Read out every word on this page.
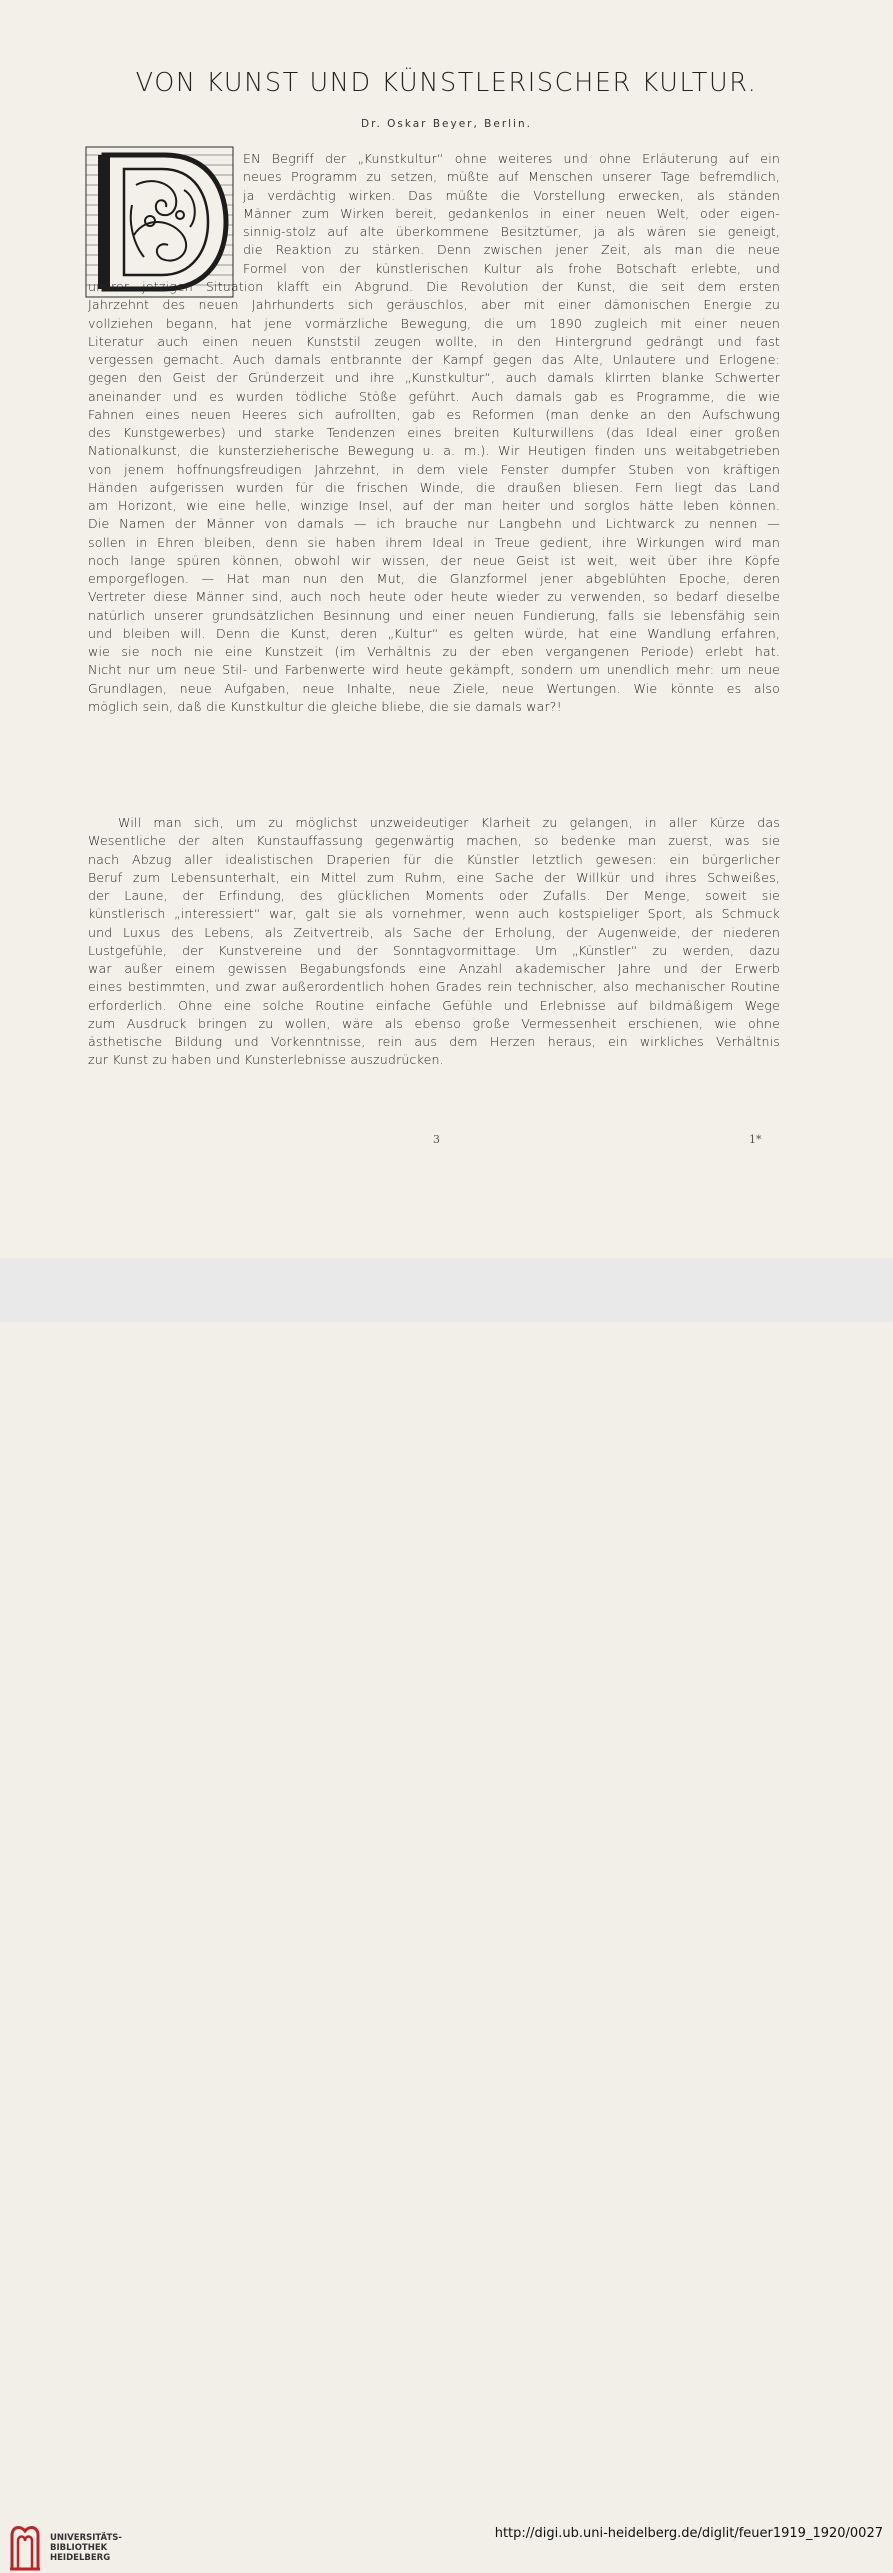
VON KUNST UND KÜNSTLERISCHER KULTUR.
Dr. Oskar Beyer, Berlin.
EN Begriff der „Kunstkultur“ ohne weiteres und ohne Erläuterung auf ein
neues Programm zu setzen, müßte auf Menschen unserer Tage befremdlich,
ja verdächtig wirken. Das müßte die Vorstellung erwecken, als ständen
Männer zum Wirken bereit, gedankenlos in einer neuen Welt, oder eigen-
sinnig-stolz auf alte überkommene Besitztümer, ja als wären sie geneigt,
die Reaktion zu stärken. Denn zwischen jener Zeit, als man die neue
Formel von der künstlerischen Kultur als frohe Botschaft erlebte, und
unsrer jetzigen Situation klafft ein Abgrund. Die Revolution der Kunst, die seit dem ersten
Jahrzehnt des neuen Jahrhunderts sich geräuschlos, aber mit einer dämonischen Energie zu
vollziehen begann, hat jene vormärzliche Bewegung, die um 1890 zugleich mit einer neuen
Literatur auch einen neuen Kunststil zeugen wollte, in den Hintergrund gedrängt und fast
vergessen gemacht. Auch damals entbrannte der Kampf gegen das Alte, Unlautere und Erlogene:
gegen den Geist der Gründerzeit und ihre „Kunstkultur“, auch damals klirrten blanke Schwerter
aneinander und es wurden tödliche Stöße geführt. Auch damals gab es Programme, die wie
Fahnen eines neuen Heeres sich aufrollten, gab es Reformen (man denke an den Aufschwung
des Kunstgewerbes) und starke Tendenzen eines breiten Kulturwillens (das Ideal einer großen
Nationalkunst, die kunsterzieherische Bewegung u. a. m.). Wir Heutigen finden uns weitabgetrieben
von jenem hoffnungsfreudigen Jahrzehnt, in dem viele Fenster dumpfer Stuben von kräftigen
Händen aufgerissen wurden für die frischen Winde, die draußen bliesen. Fern liegt das Land
am Horizont, wie eine helle, winzige Insel, auf der man heiter und sorglos hätte leben können.
Die Namen der Männer von damals — ich brauche nur Langbehn und Lichtwarck zu nennen —
sollen in Ehren bleiben, denn sie haben ihrem Ideal in Treue gedient, ihre Wirkungen wird man
noch lange spüren können, obwohl wir wissen, der neue Geist ist weit, weit über ihre Köpfe
emporgeflogen. — Hat man nun den Mut, die Glanzformel jener abgeblühten Epoche, deren
Vertreter diese Männer sind, auch noch heute oder heute wieder zu verwenden, so bedarf dieselbe
natürlich unserer grundsätzlichen Besinnung und einer neuen Fundierung, falls sie lebensfähig sein
und bleiben will. Denn die Kunst, deren „Kultur“ es gelten würde, hat eine Wandlung erfahren,
wie sie noch nie eine Kunstzeit (im Verhältnis zu der eben vergangenen Periode) erlebt hat.
Nicht nur um neue Stil- und Farbenwerte wird heute gekämpft, sondern um unendlich mehr: um neue
Grundlagen, neue Aufgaben, neue Inhalte, neue Ziele, neue Wertungen. Wie könnte es also
möglich sein, daß die Kunstkultur die gleiche bliebe, die sie damals war?!
Will man sich, um zu möglichst unzweideutiger Klarheit zu gelangen, in aller Kürze das
Wesentliche der alten Kunstauffassung gegenwärtig machen, so bedenke man zuerst, was sie
nach Abzug aller idealistischen Draperien für die Künstler letztlich gewesen: ein bürgerlicher
Beruf zum Lebensunterhalt, ein Mittel zum Ruhm, eine Sache der Willkür und ihres Schweißes,
der Laune, der Erfindung, des glücklichen Moments oder Zufalls. Der Menge, soweit sie
künstlerisch „interessiert“ war, galt sie als vornehmer, wenn auch kostspieliger Sport, als Schmuck
und Luxus des Lebens, als Zeitvertreib, als Sache der Erholung, der Augenweide, der niederen
Lustgefühle, der Kunstvereine und der Sonntagvormittage. Um „Künstler“ zu werden, dazu
war außer einem gewissen Begabungsfonds eine Anzahl akademischer Jahre und der Erwerb
eines bestimmten, und zwar außerordentlich hohen Grades rein technischer, also mechanischer Routine
erforderlich. Ohne eine solche Routine einfache Gefühle und Erlebnisse auf bildmäßigem Wege
zum Ausdruck bringen zu wollen, wäre als ebenso große Vermessenheit erschienen, wie ohne
ästhetische Bildung und Vorkenntnisse, rein aus dem Herzen heraus, ein wirkliches Verhältnis
zur Kunst zu haben und Kunsterlebnisse auszudrücken.
3	1*
UNIVERSITÄTS-
BIBLIOTHEK
HEIDELBERG
http://digi.ub.uni-heidelberg.de/diglit/feuer1919_1920/0027
